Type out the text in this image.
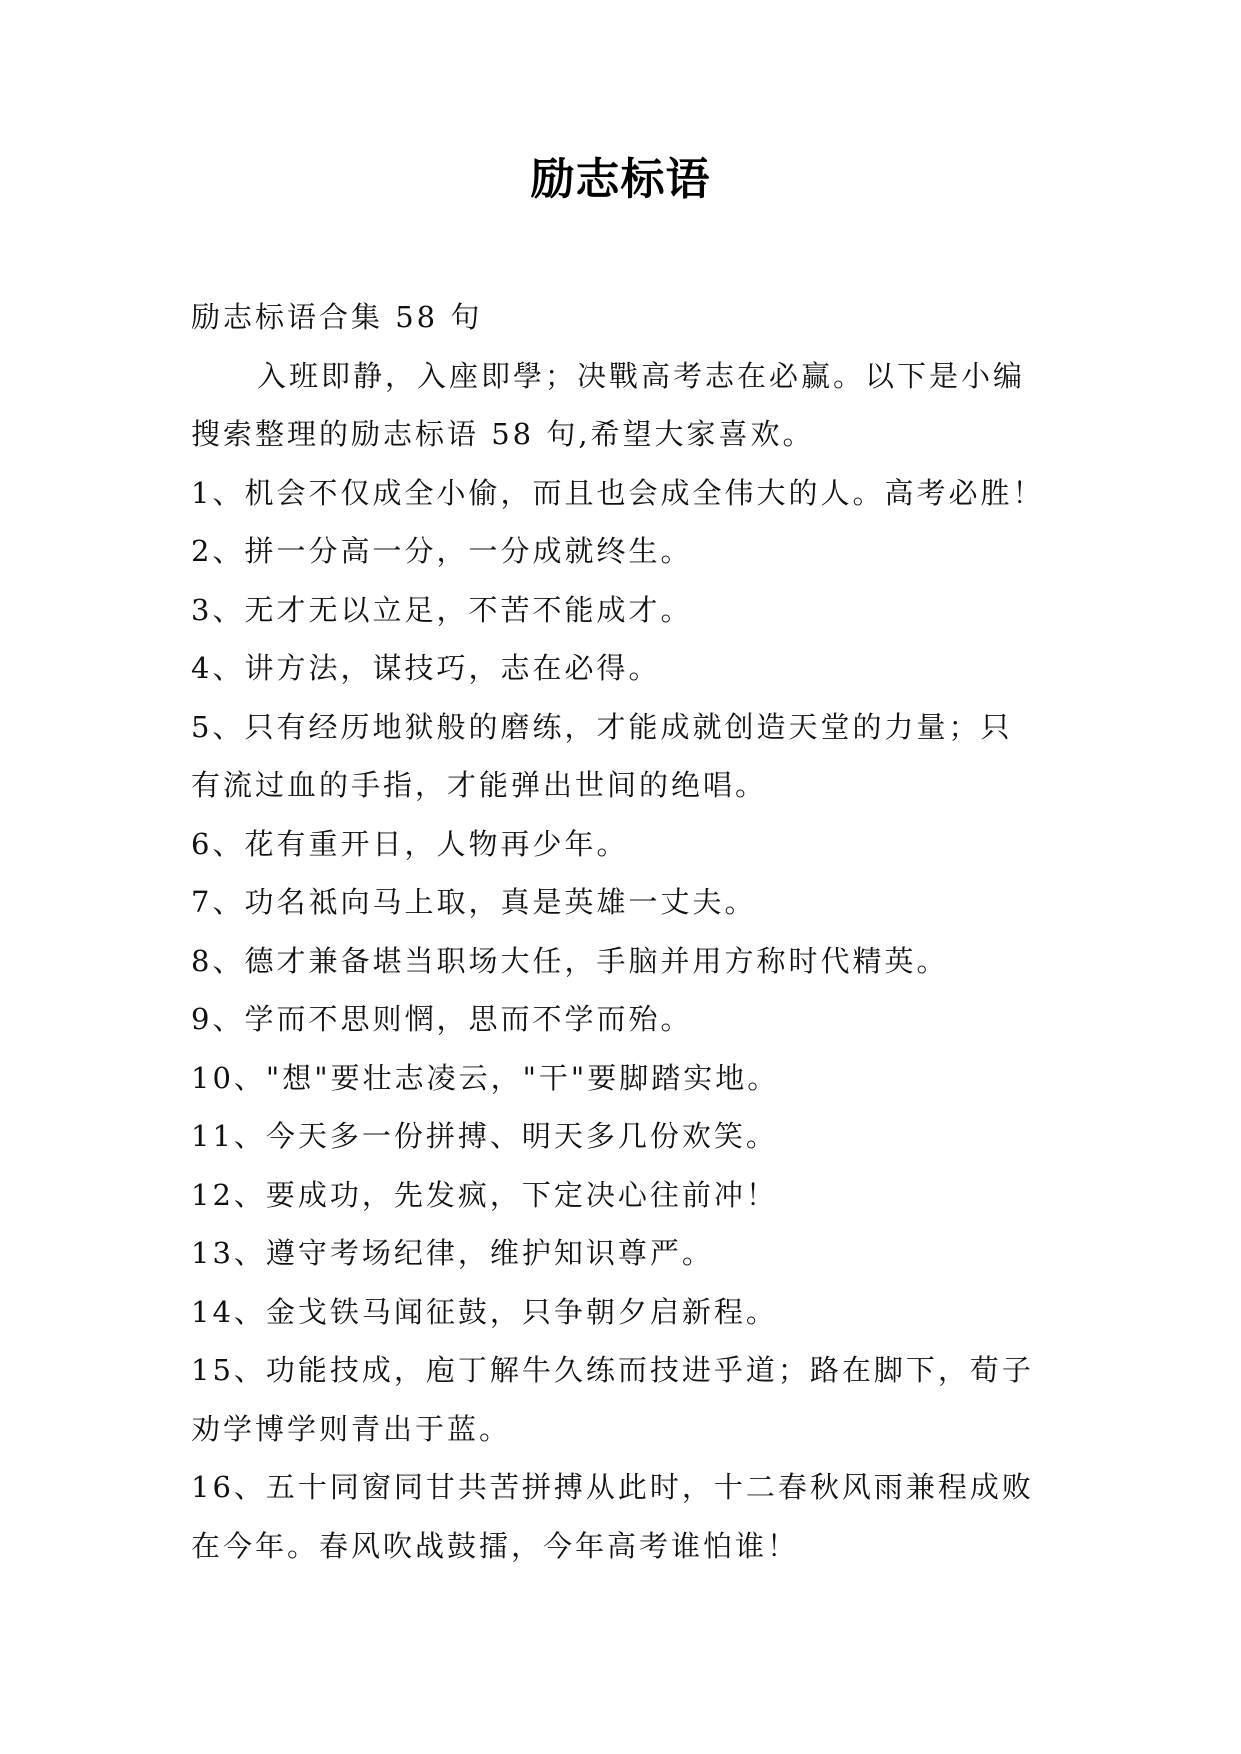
励志标语
励志标语合集 58 句
入班即静，入座即學；决戰高考志在必赢。以下是小编
搜索整理的励志标语 58 句,希望大家喜欢。
1、机会不仅成全小偷，而且也会成全伟大的人。高考必胜！
2、拼一分高一分，一分成就终生。
3、无才无以立足，不苦不能成才。
4、讲方法，谋技巧，志在必得。
5、只有经历地狱般的磨练，才能成就创造天堂的力量；只
有流过血的手指，才能弹出世间的绝唱。
6、花有重开日，人物再少年。
7、功名祗向马上取，真是英雄一丈夫。
8、德才兼备堪当职场大任，手脑并用方称时代精英。
9、学而不思则惘，思而不学而殆。
10、"想"要壮志凌云，"干"要脚踏实地。
11、今天多一份拼搏、明天多几份欢笑。
12、要成功，先发疯，下定决心往前冲！
13、遵守考场纪律，维护知识尊严。
14、金戈铁马闻征鼓，只争朝夕启新程。
15、功能技成，庖丁解牛久练而技进乎道；路在脚下，荀子
劝学博学则青出于蓝。
16、五十同窗同甘共苦拼搏从此时，十二春秋风雨兼程成败
在今年。春风吹战鼓擂，今年高考谁怕谁！
